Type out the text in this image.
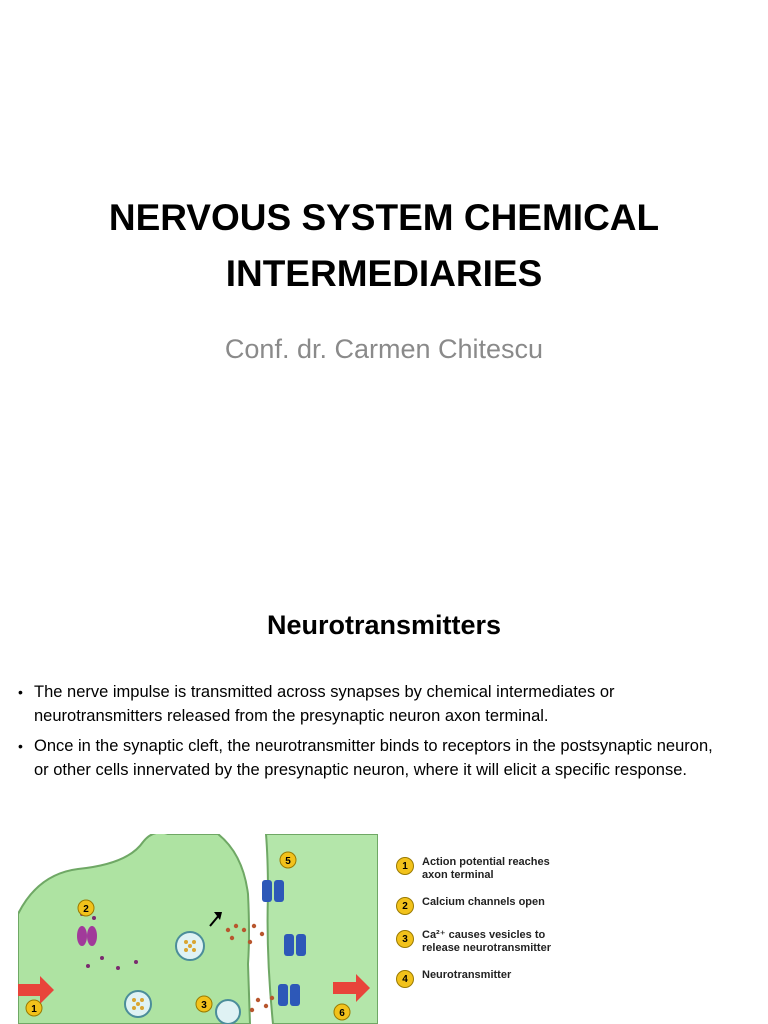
NERVOUS SYSTEM CHEMICAL
INTERMEDIARIES
Conf. dr. Carmen Chitescu
Neurotransmitters
• The nerve impulse is transmitted across synapses by chemical intermediates or neurotransmitters released from the presynaptic neuron axon terminal.
• Once in the synaptic cleft, the neurotransmitter binds to receptors in the postsynaptic neuron, or other cells innervated by the presynaptic neuron, where it will elicit a specific response.
1
2
3
5
6
1	Action potential reaches
axon terminal
2	Calcium channels open
3	Ca²⁺ causes vesicles to
release neurotransmitter
4	Neurotransmitter
